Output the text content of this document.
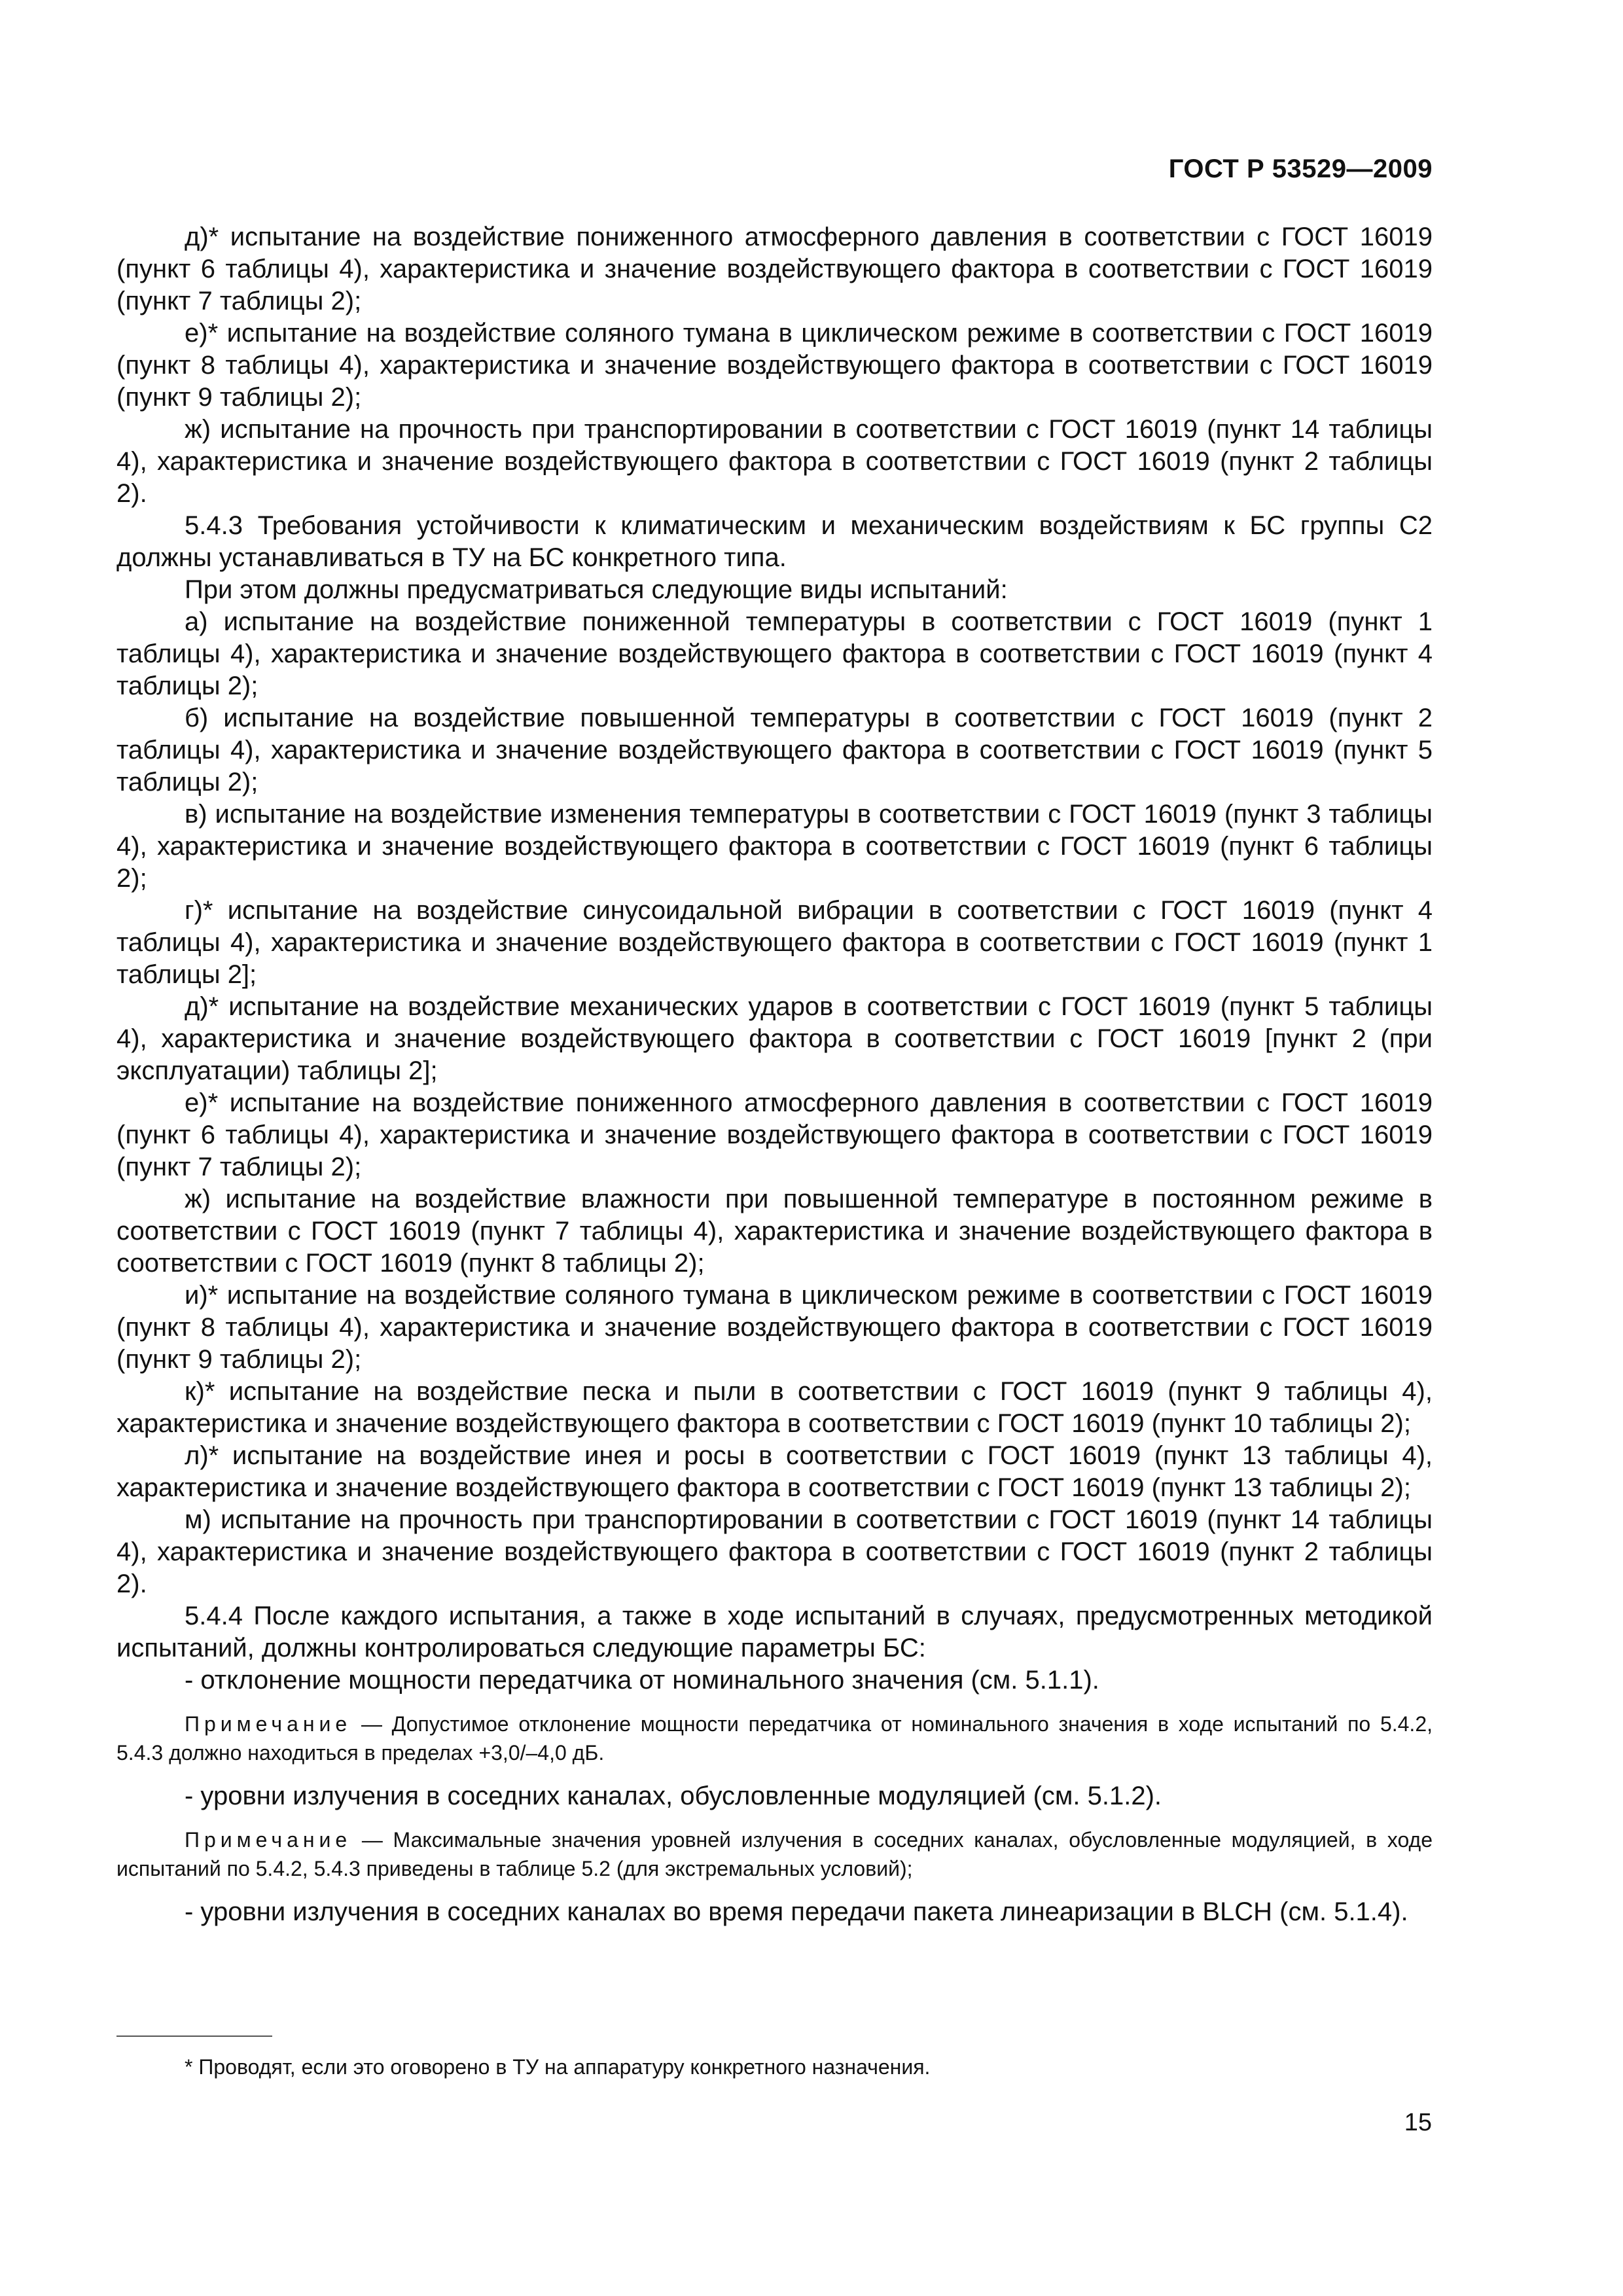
ГОСТ Р 53529—2009

д)* испытание на воздействие пониженного атмосферного давления в соответствии с ГОСТ 16019 (пункт 6 таблицы 4), характеристика и значение воздействующего фактора в соответствии с ГОСТ 16019 (пункт 7 таблицы 2);

е)* испытание на воздействие соляного тумана в циклическом режиме в соответствии с ГОСТ 16019 (пункт 8 таблицы 4), характеристика и значение воздействующего фактора в соответствии с ГОСТ 16019 (пункт 9 таблицы 2);

ж) испытание на прочность при транспортировании в соответствии с ГОСТ 16019 (пункт 14 таблицы 4), характеристика и значение воздействующего фактора в соответствии с ГОСТ 16019 (пункт 2 таблицы 2).

5.4.3 Требования устойчивости к климатическим и механическим воздействиям к БС группы С2 должны устанавливаться в ТУ на БС конкретного типа.

При этом должны предусматриваться следующие виды испытаний:

а) испытание на воздействие пониженной температуры в соответствии с ГОСТ 16019 (пункт 1 таблицы 4), характеристика и значение воздействующего фактора в соответствии с ГОСТ 16019 (пункт 4 таблицы 2);

б) испытание на воздействие повышенной температуры в соответствии с ГОСТ 16019 (пункт 2 таблицы 4), характеристика и значение воздействующего фактора в соответствии с ГОСТ 16019 (пункт 5 таблицы 2);

в) испытание на воздействие изменения температуры в соответствии с ГОСТ 16019 (пункт 3 таблицы 4), характеристика и значение воздействующего фактора в соответствии с ГОСТ 16019 (пункт 6 таблицы 2);

г)* испытание на воздействие синусоидальной вибрации в соответствии с ГОСТ 16019 (пункт 4 таблицы 4), характеристика и значение воздействующего фактора в соответствии с ГОСТ 16019 (пункт 1 таблицы 2];

д)* испытание на воздействие механических ударов в соответствии с ГОСТ 16019 (пункт 5 таблицы 4), характеристика и значение воздействующего фактора в соответствии с ГОСТ 16019 [пункт 2 (при эксплуатации) таблицы 2];

е)* испытание на воздействие пониженного атмосферного давления в соответствии с ГОСТ 16019 (пункт 6 таблицы 4), характеристика и значение воздействующего фактора в соответствии с ГОСТ 16019 (пункт 7 таблицы 2);

ж) испытание на воздействие влажности при повышенной температуре в постоянном режиме в соответствии с ГОСТ 16019 (пункт 7 таблицы 4), характеристика и значение воздействующего фактора в соответствии с ГОСТ 16019 (пункт 8 таблицы 2);

и)* испытание на воздействие соляного тумана в циклическом режиме в соответствии с ГОСТ 16019 (пункт 8 таблицы 4), характеристика и значение воздействующего фактора в соответствии с ГОСТ 16019 (пункт 9 таблицы 2);

к)* испытание на воздействие песка и пыли в соответствии с ГОСТ 16019 (пункт 9 таблицы 4), характеристика и значение воздействующего фактора в соответствии с ГОСТ 16019 (пункт 10 таблицы 2);

л)* испытание на воздействие инея и росы в соответствии с ГОСТ 16019 (пункт 13 таблицы 4), характеристика и значение воздействующего фактора в соответствии с ГОСТ 16019 (пункт 13 таблицы 2);

м) испытание на прочность при транспортировании в соответствии с ГОСТ 16019 (пункт 14 таблицы 4), характеристика и значение воздействующего фактора в соответствии с ГОСТ 16019 (пункт 2 таблицы 2).

5.4.4 После каждого испытания, а также в ходе испытаний в случаях, предусмотренных методикой испытаний, должны контролироваться следующие параметры БС:

- отклонение мощности передатчика от номинального значения (см. 5.1.1).

Примечание — Допустимое отклонение мощности передатчика от номинального значения в ходе испытаний по 5.4.2, 5.4.3 должно находиться в пределах +3,0/–4,0 дБ.

- уровни излучения в соседних каналах, обусловленные модуляцией (см. 5.1.2).

Примечание — Максимальные значения уровней излучения в соседних каналах, обусловленные модуляцией, в ходе испытаний по 5.4.2, 5.4.3 приведены в таблице 5.2 (для экстремальных условий);

- уровни излучения в соседних каналах во время передачи пакета линеаризации в BLCH (см. 5.1.4).

* Проводят, если это оговорено в ТУ на аппаратуру конкретного назначения.
15
